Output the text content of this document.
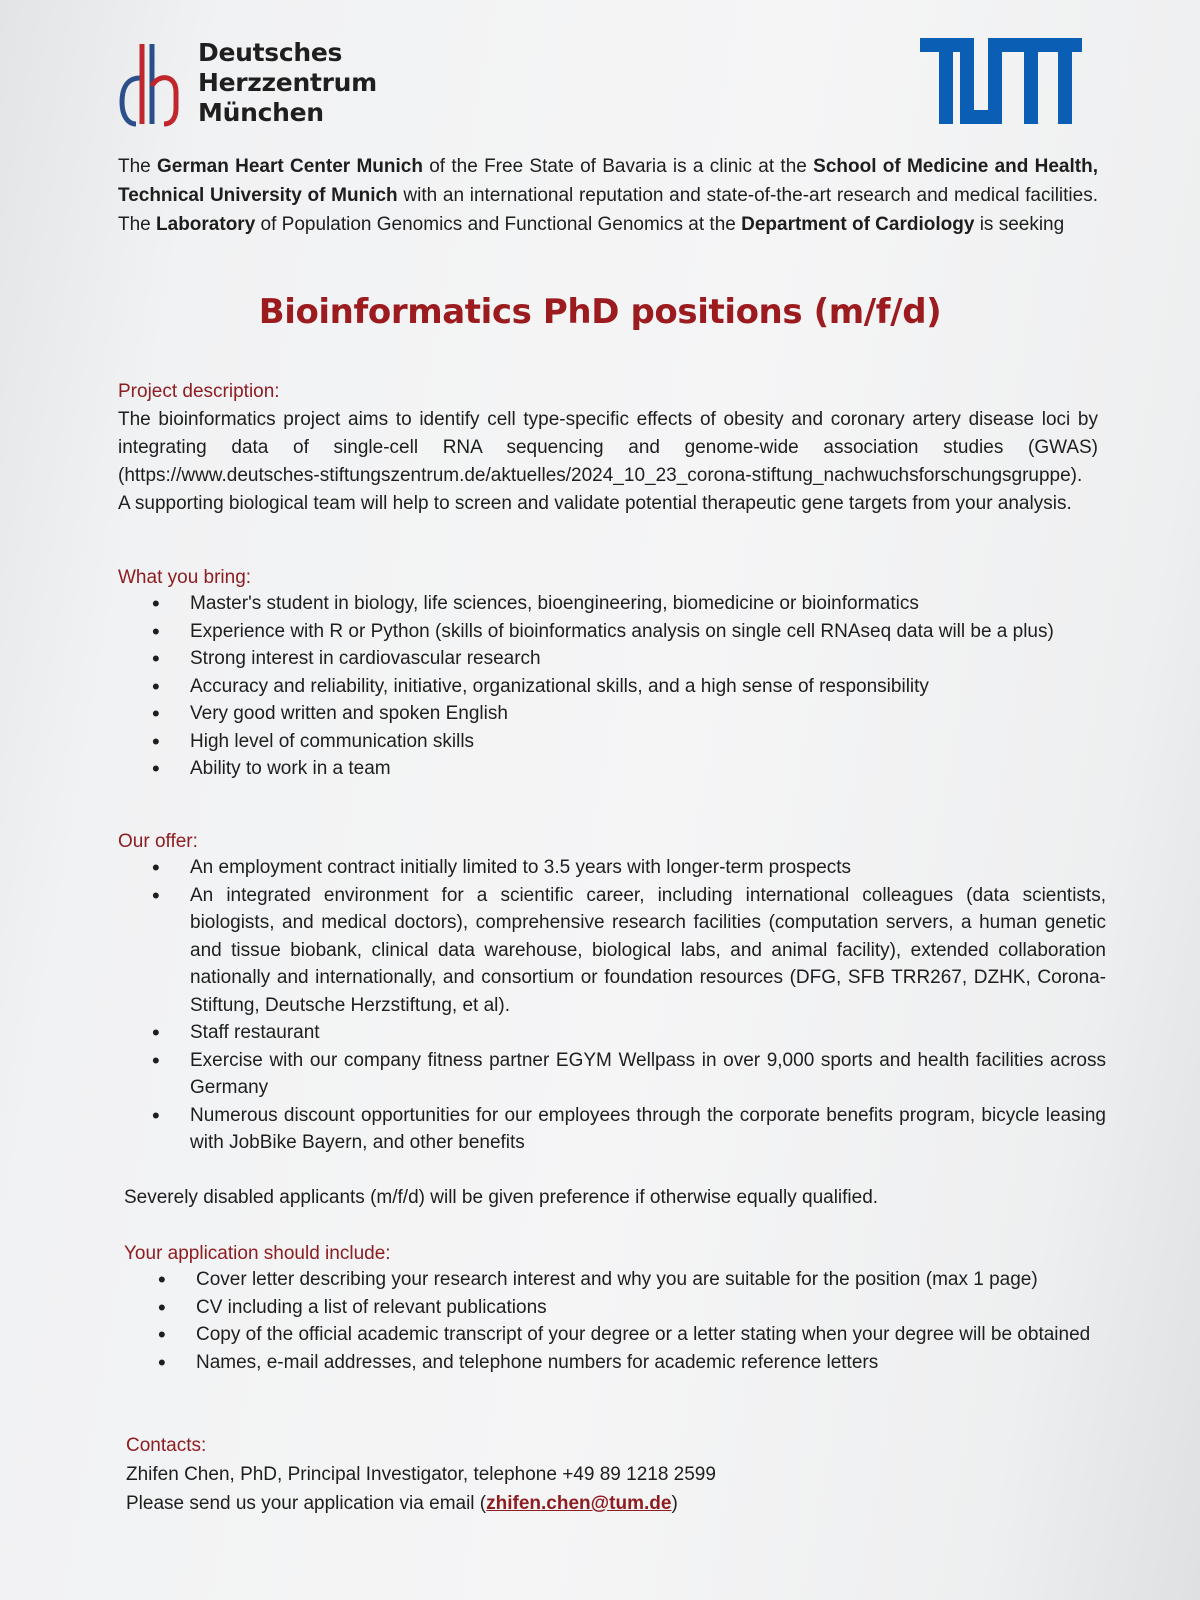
Deutsches
Herzzentrum
München
The German Heart Center Munich of the Free State of Bavaria is a clinic at the School of Medicine and Health, Technical University of Munich with an international reputation and state-of-the-art research and medical facilities. The Laboratory of Population Genomics and Functional Genomics at the Department of Cardiology is seeking
Bioinformatics PhD positions (m/f/d)
Project description:
The bioinformatics project aims to identify cell type-specific effects of obesity and coronary artery disease loci by integrating data of single-cell RNA sequencing and genome-wide association studies (GWAS) (https://www.deutsches-stiftungszentrum.de/aktuelles/2024_10_23_corona-stiftung_nachwuchsforschungsgruppe). A supporting biological team will help to screen and validate potential therapeutic gene targets from your analysis.
What you bring:
• Master's student in biology, life sciences, bioengineering, biomedicine or bioinformatics
• Experience with R or Python (skills of bioinformatics analysis on single cell RNAseq data will be a plus)
• Strong interest in cardiovascular research
• Accuracy and reliability, initiative, organizational skills, and a high sense of responsibility
• Very good written and spoken English
• High level of communication skills
• Ability to work in a team
Our offer:
• An employment contract initially limited to 3.5 years with longer-term prospects
• An integrated environment for a scientific career, including international colleagues (data scientists, biologists, and medical doctors), comprehensive research facilities (computation servers, a human genetic and tissue biobank, clinical data warehouse, biological labs, and animal facility), extended collaboration nationally and internationally, and consortium or foundation resources (DFG, SFB TRR267, DZHK, Corona-Stiftung, Deutsche Herzstiftung, et al).
• Staff restaurant
• Exercise with our company fitness partner EGYM Wellpass in over 9,000 sports and health facilities across Germany
• Numerous discount opportunities for our employees through the corporate benefits program, bicycle leasing with JobBike Bayern, and other benefits
Severely disabled applicants (m/f/d) will be given preference if otherwise equally qualified.
Your application should include:
• Cover letter describing your research interest and why you are suitable for the position (max 1 page)
• CV including a list of relevant publications
• Copy of the official academic transcript of your degree or a letter stating when your degree will be obtained
• Names, e-mail addresses, and telephone numbers for academic reference letters
Contacts:
Zhifen Chen, PhD, Principal Investigator, telephone +49 89 1218 2599
Please send us your application via email (zhifen.chen@tum.de)
